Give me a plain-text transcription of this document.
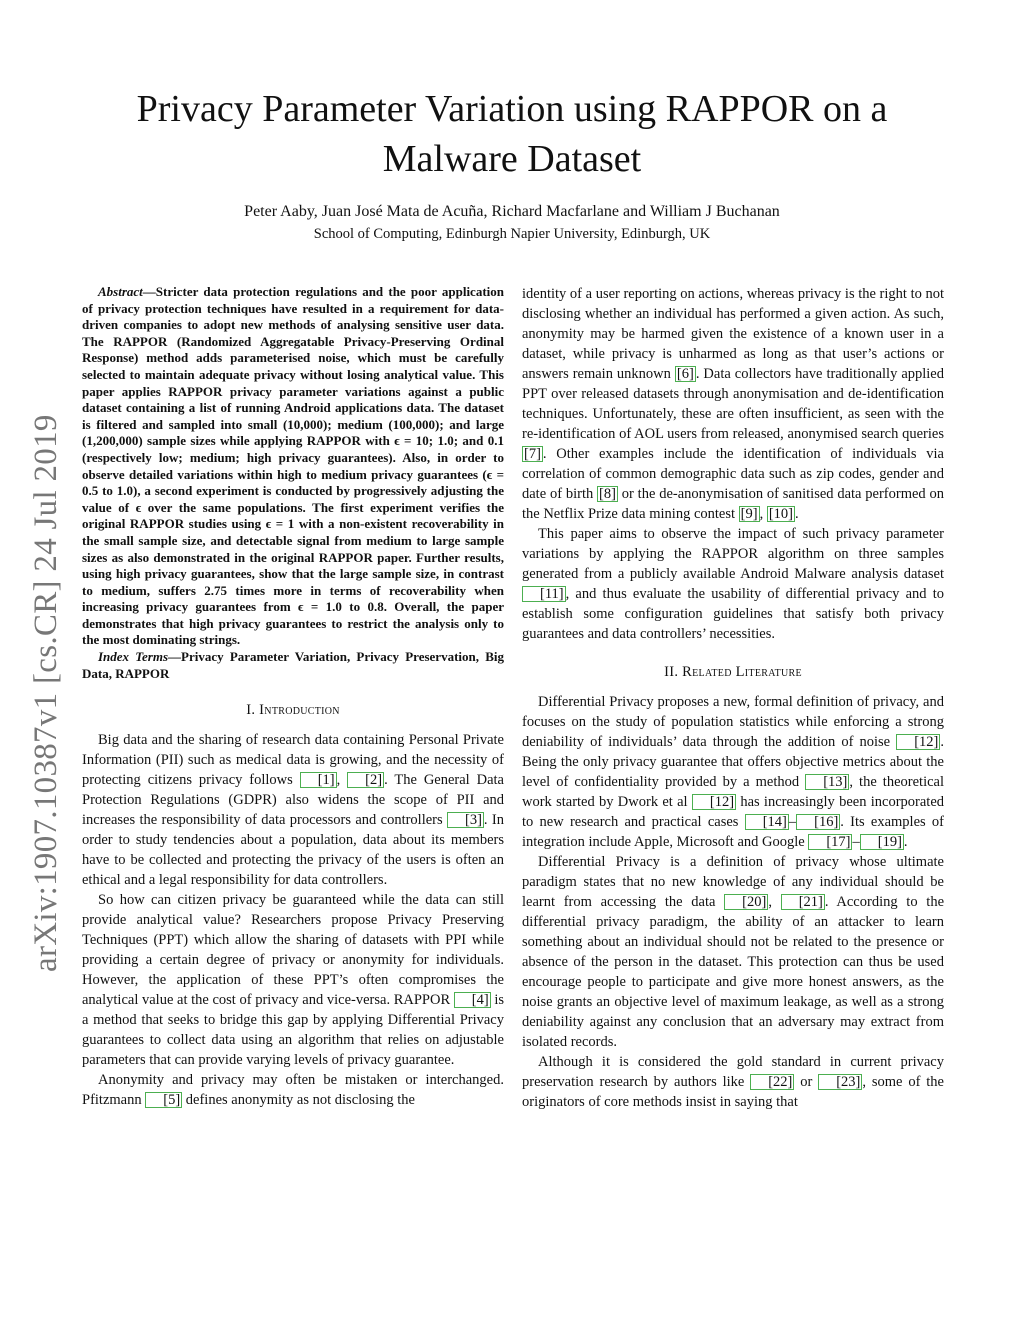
Privacy Parameter Variation using RAPPOR on a Malware Dataset
Peter Aaby, Juan José Mata de Acuña, Richard Macfarlane and William J Buchanan
School of Computing, Edinburgh Napier University, Edinburgh, UK
arXiv:1907.10387v1 [cs.CR] 24 Jul 2019

Abstract—Stricter data protection regulations and the poor application of privacy protection techniques have resulted in a requirement for data-driven companies to adopt new methods of analysing sensitive user data. The RAPPOR (Randomized Aggregatable Privacy-Preserving Ordinal Response) method adds parameterised noise, which must be carefully selected to maintain adequate privacy without losing analytical value. This paper applies RAPPOR privacy parameter variations against a public dataset containing a list of running Android applications data. The dataset is filtered and sampled into small (10,000); medium (100,000); and large (1,200,000) sample sizes while applying RAPPOR with ϵ = 10; 1.0; and 0.1 (respectively low; medium; high privacy guarantees). Also, in order to observe detailed variations within high to medium privacy guarantees (ϵ = 0.5 to 1.0), a second experiment is conducted by progressively adjusting the value of ϵ over the same populations. The first experiment verifies the original RAPPOR studies using ϵ = 1 with a non-existent recoverability in the small sample size, and detectable signal from medium to large sample sizes as also demonstrated in the original RAPPOR paper. Further results, using high privacy guarantees, show that the large sample size, in contrast to medium, suffers 2.75 times more in terms of recoverability when increasing privacy guarantees from ϵ = 1.0 to 0.8. Overall, the paper demonstrates that high privacy guarantees to restrict the analysis only to the most dominating strings.

Index Terms—Privacy Parameter Variation, Privacy Preservation, Big Data, RAPPOR

I. Introduction

Big data and the sharing of research data containing Personal Private Information (PII) such as medical data is growing, and the necessity of protecting citizens privacy follows [1] , [2] . The General Data Protection Regulations (GDPR) also widens the scope of PII and increases the responsibility of data processors and controllers [3] . In order to study tendencies about a population, data about its members have to be collected and protecting the privacy of the users is often an ethical and a legal responsibility for data controllers.

So how can citizen privacy be guaranteed while the data can still provide analytical value? Researchers propose Privacy Preserving Techniques (PPT) which allow the sharing of datasets with PPI while providing a certain degree of privacy or anonymity for individuals. However, the application of these PPT’s often compromises the analytical value at the cost of privacy and vice-versa. RAPPOR [4] is a method that seeks to bridge this gap by applying Differential Privacy guarantees to collect data using an algorithm that relies on adjustable parameters that can provide varying levels of privacy guarantee.

Anonymity and privacy may often be mistaken or interchanged. Pfitzmann [5] defines anonymity as not disclosing the

identity of a user reporting on actions, whereas privacy is the right to not disclosing whether an individual has performed a given action. As such, anonymity may be harmed given the existence of a known user in a dataset, while privacy is unharmed as long as that user’s actions or answers remain unknown [6] . Data collectors have traditionally applied PPT over released datasets through anonymisation and de-identification techniques. Unfortunately, these are often insufficient, as seen with the re-identification of AOL users from released, anonymised search queries [7] . Other examples include the identification of individuals via correlation of common demographic data such as zip codes, gender and date of birth [8] or the de-anonymisation of sanitised data performed on the Netflix Prize data mining contest [9] , [10] .

This paper aims to observe the impact of such privacy parameter variations by applying the RAPPOR algorithm on three samples generated from a publicly available Android Malware analysis dataset [11] , and thus evaluate the usability of differential privacy and to establish some configuration guidelines that satisfy both privacy guarantees and data controllers’ necessities.

II. Related Literature

Differential Privacy proposes a new, formal definition of privacy, and focuses on the study of population statistics while enforcing a strong deniability of individuals’ data through the addition of noise [12] . Being the only privacy guarantee that offers objective metrics about the level of confidentiality provided by a method [13] , the theoretical work started by Dwork et al [12] has increasingly been incorporated to new research and practical cases [14] – [16] . Its examples of integration include Apple, Microsoft and Google [17] – [19] .

Differential Privacy is a definition of privacy whose ultimate paradigm states that no new knowledge of any individual should be learnt from accessing the data [20] , [21] . According to the differential privacy paradigm, the ability of an attacker to learn something about an individual should not be related to the presence or absence of the person in the dataset. This protection can thus be used encourage people to participate and give more honest answers, as the noise grants an objective level of maximum leakage, as well as a strong deniability against any conclusion that an adversary may extract from isolated records.

Although it is considered the gold standard in current privacy preservation research by authors like [22] or [23] , some of the originators of core methods insist in saying that
